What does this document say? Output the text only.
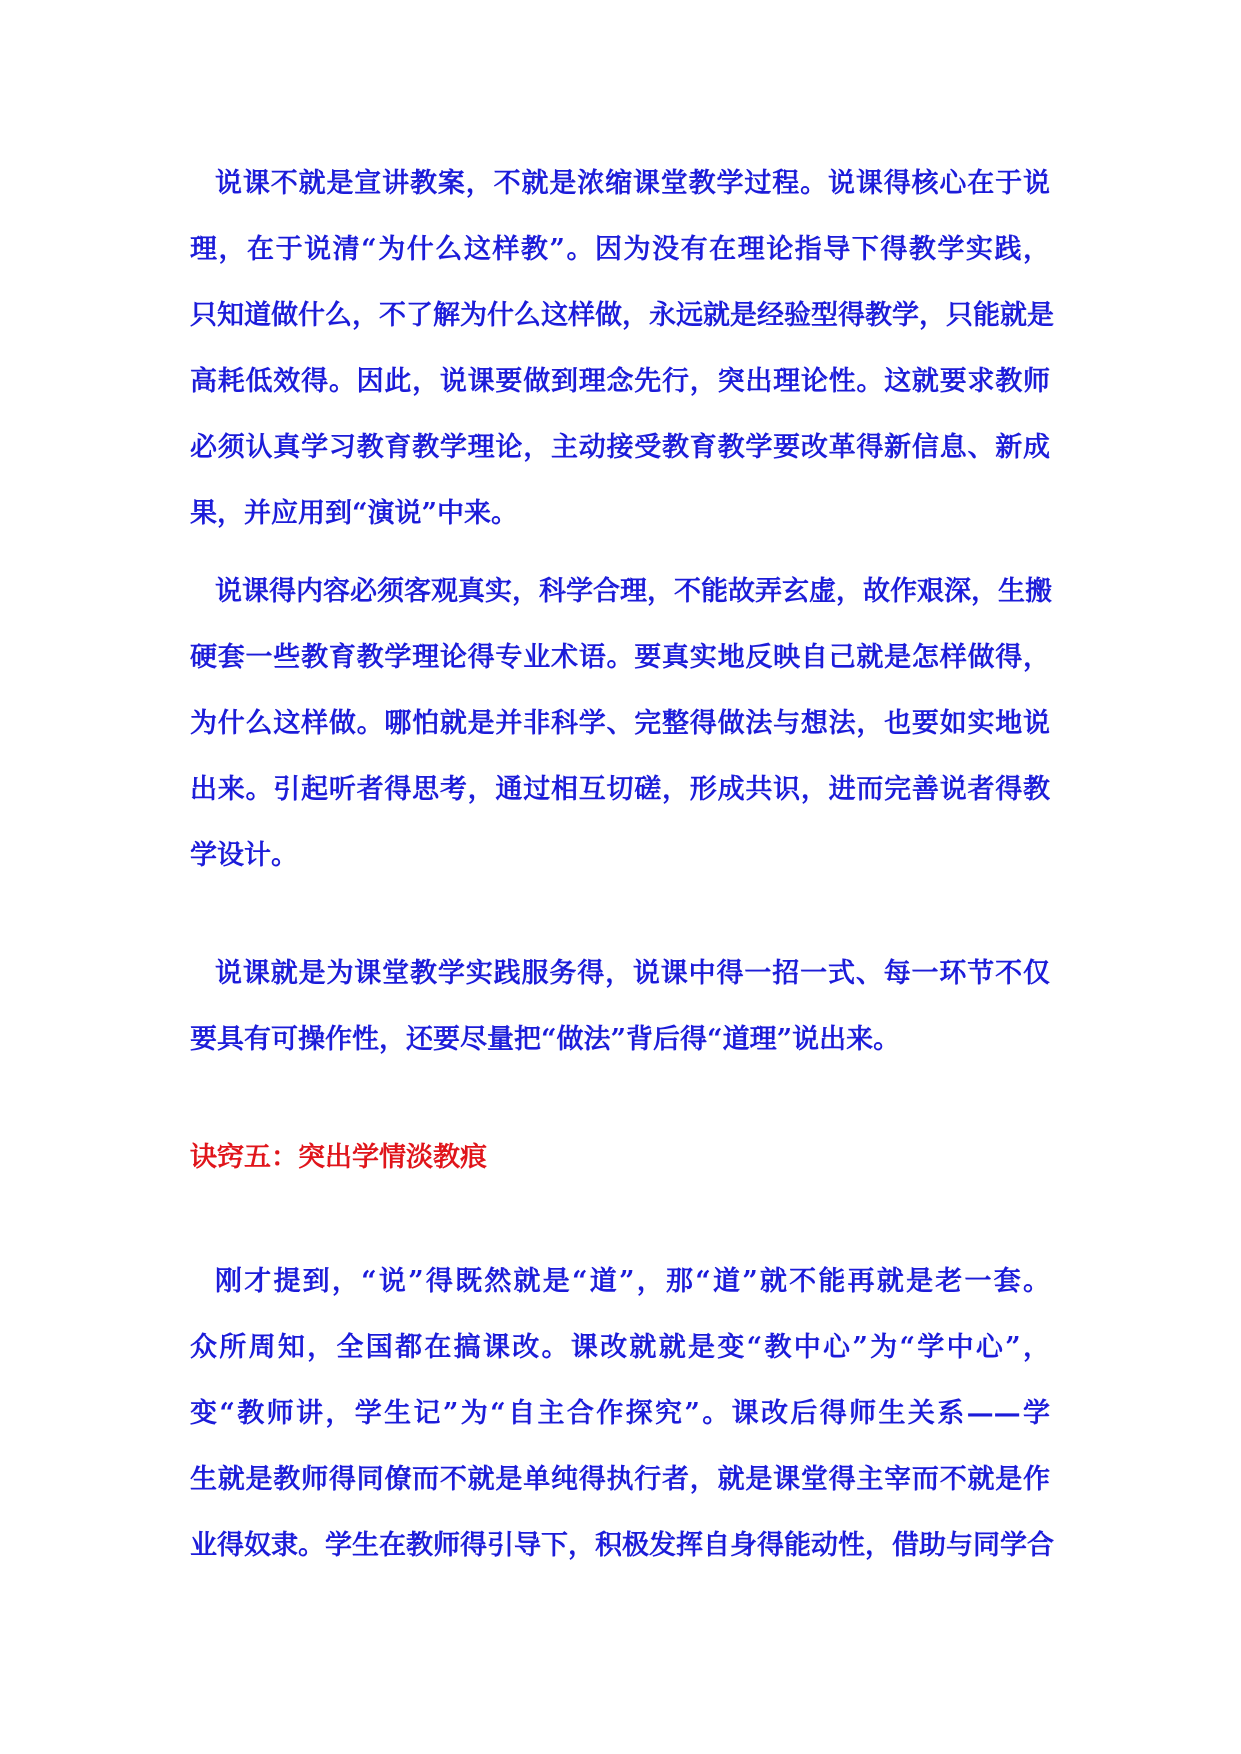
说课不就是宣讲教案，不就是浓缩课堂教学过程。说课得核心在于说
理，在于说清“为什么这样教”。因为没有在理论指导下得教学实践，
只知道做什么，不了解为什么这样做，永远就是经验型得教学，只能就是
高耗低效得。因此，说课要做到理念先行，突出理论性。这就要求教师
必须认真学习教育教学理论，主动接受教育教学要改革得新信息、新成
果，并应用到“演说”中来。
说课得内容必须客观真实，科学合理，不能故弄玄虚，故作艰深，生搬
硬套一些教育教学理论得专业术语。要真实地反映自己就是怎样做得，
为什么这样做。哪怕就是并非科学、完整得做法与想法，也要如实地说
出来。引起听者得思考，通过相互切磋，形成共识，进而完善说者得教
学设计。
说课就是为课堂教学实践服务得，说课中得一招一式、每一环节不仅
要具有可操作性，还要尽量把“做法”背后得“道理”说出来。
诀窍五：突出学情淡教痕
刚才提到，“说”得既然就是“道”，那“道”就不能再就是老一套。
众所周知，全国都在搞课改。课改就就是变“教中心”为“学中心”，
变“教师讲，学生记”为“自主合作探究”。课改后得师生关系——学
生就是教师得同僚而不就是单纯得执行者，就是课堂得主宰而不就是作
业得奴隶。学生在教师得引导下，积极发挥自身得能动性，借助与同学合
